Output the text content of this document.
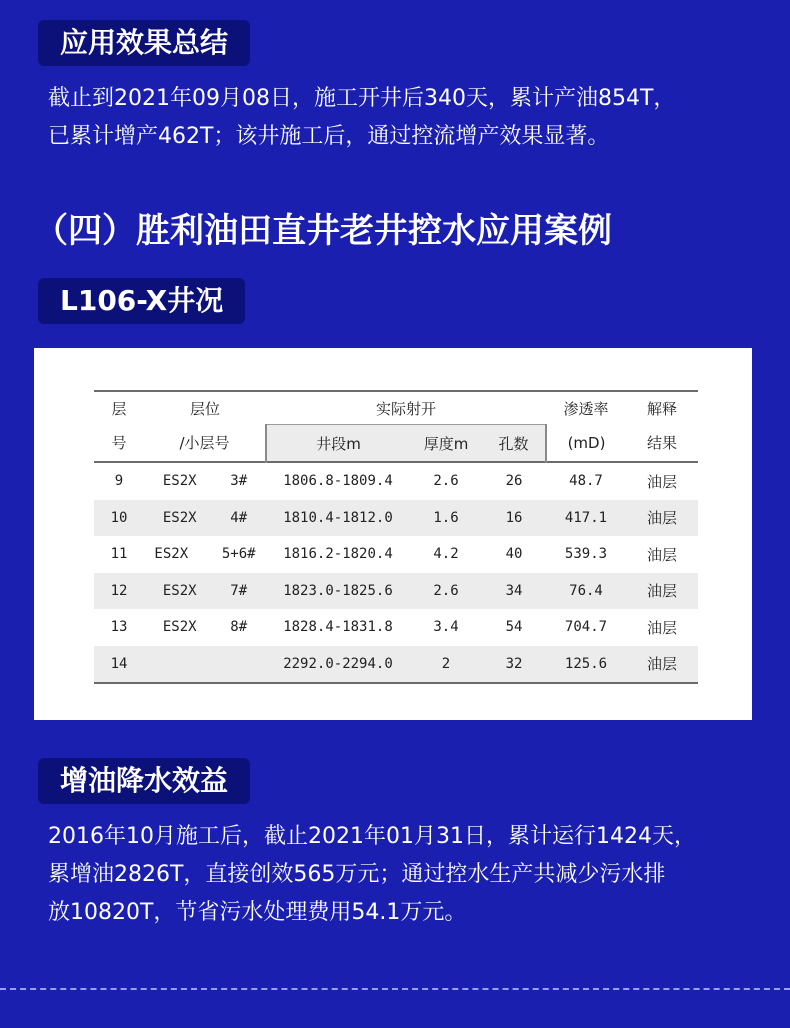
应用效果总结

截止到2021年09月08日，施工开井后340天，累计产油854T，

已累计增产462T；该井施工后，通过控流增产效果显著。

（四）胜利油田直井老井控水应用案例
L106-X井况
层	层位	实际射开			渗透率	解释
号	/小层号	井段m	厚度m	孔数	(mD)	结果
9	ES2X    3#	1806.8-1809.4	2.6	26	48.7	油层
10	ES2X    4#	1810.4-1812.0	1.6	16	417.1	油层
11	ES2X    5+6#	1816.2-1820.4	4.2	40	539.3	油层
12	ES2X    7#	1823.0-1825.6	2.6	34	76.4	油层
13	ES2X    8#	1828.4-1831.8	3.4	54	704.7	油层
14		2292.0-2294.0	2	32	125.6	油层
增油降水效益

2016年10月施工后，截止2021年01月31日，累计运行1424天，

累增油2826T，直接创效565万元；通过控水生产共减少污水排

放10820T，节省污水处理费用54.1万元。
